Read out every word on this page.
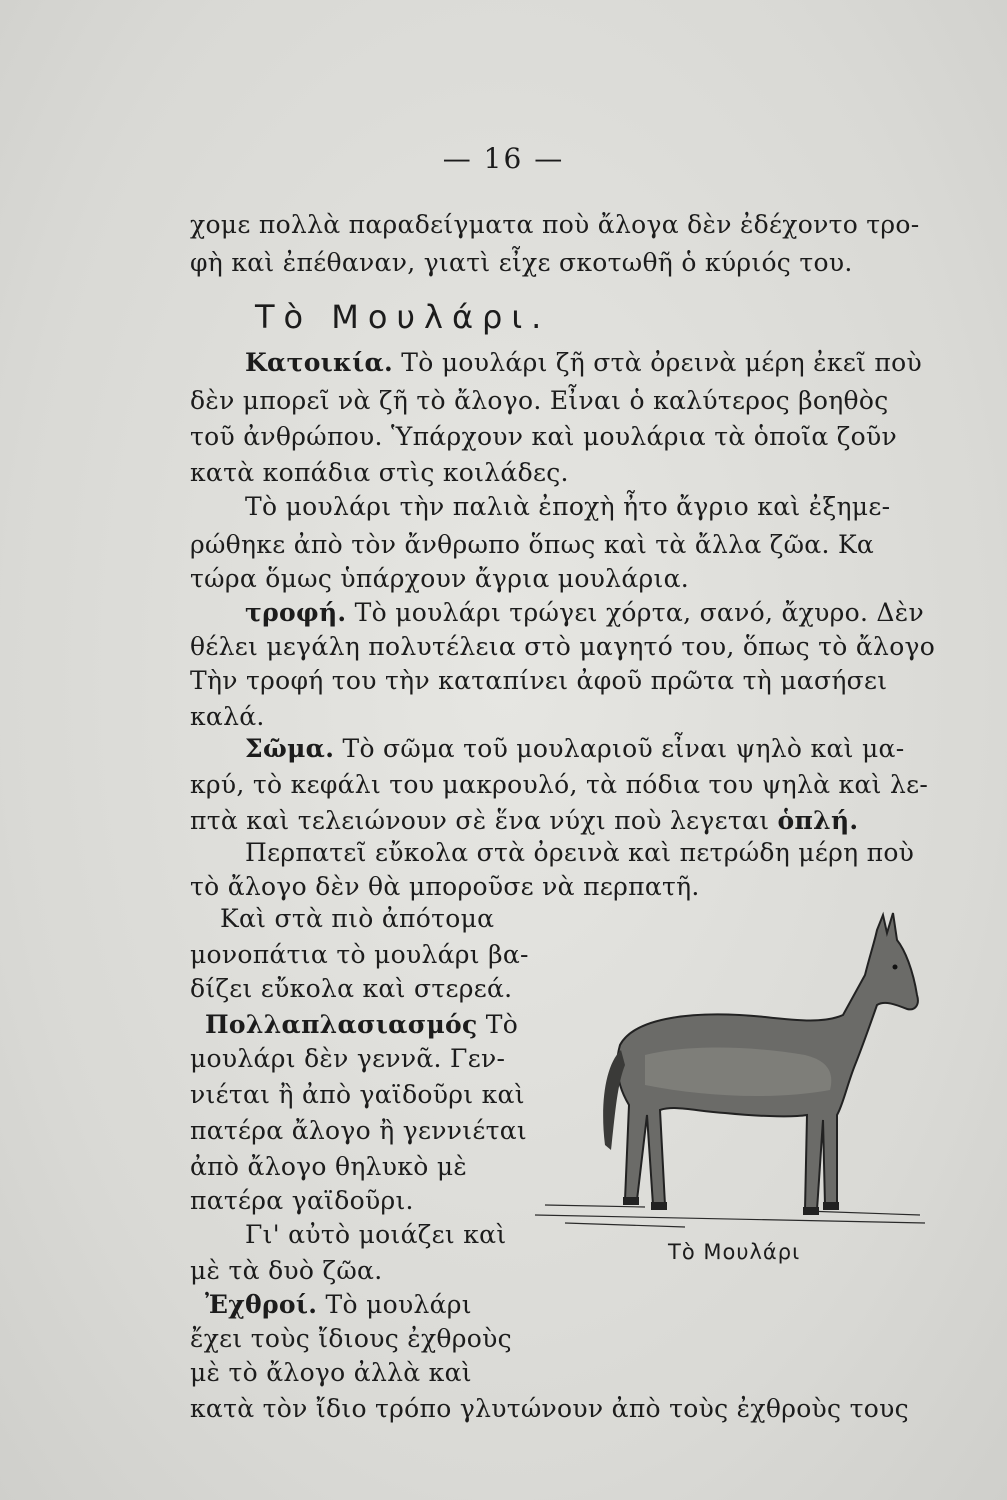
— 16 —
χομε πολλὰ παραδείγματα ποὺ ἄλογα δὲν ἐδέχοντο τρο-
φὴ καὶ ἐπέθαναν, γιατὶ εἶχε σκοτωθῆ ὁ κύριός του.
Τὸ Μουλάρι.
Κατοικία. Τὸ μουλάρι ζῆ στὰ ὀρεινὰ μέρη ἐκεῖ ποὺ
δὲν μπορεῖ νὰ ζῆ τὸ ἄλογο. Εἶναι ὁ καλύτερος βοηθὸς
τοῦ ἀνθρώπου. Ὑπάρχουν καὶ μουλάρια τὰ ὁποῖα ζοῦν
κατὰ κοπάδια στὶς κοιλάδες.
Τὸ μουλάρι τὴν παλιὰ ἐποχὴ ἦτο ἄγριο καὶ ἐξημε-
ρώθηκε ἀπὸ τὸν ἄνθρωπο ὅπως καὶ τὰ ἄλλα ζῶα. Κα
τώρα ὅμως ὑπάρχουν ἄγρια μουλάρια.
τροφή. Τὸ μουλάρι τρώγει χόρτα, σανό, ἄχυρο. Δὲν
θέλει μεγάλη πολυτέλεια στὸ μαγητό του, ὅπως τὸ ἄλογο
Τὴν τροφή του τὴν καταπίνει ἀφοῦ πρῶτα τὴ μασήσει
καλά.
Σῶμα. Τὸ σῶμα τοῦ μουλαριοῦ εἶναι ψηλὸ καὶ μα-
κρύ, τὸ κεφάλι του μακρουλό, τὰ πόδια του ψηλὰ καὶ λε-
πτὰ καὶ τελειώνουν σὲ ἕνα νύχι ποὺ λεγεται ὁπλή.
Περπατεῖ εὔκολα στὰ ὀρεινὰ καὶ πετρώδη μέρη ποὺ
τὸ ἄλογο δὲν θὰ μποροῦσε νὰ περπατῆ.
Καὶ στὰ πιὸ ἀπότομα
μονοπάτια τὸ μουλάρι βα-
δίζει εὔκολα καὶ στερεά.
Πολλαπλασιασμός Τὸ
μουλάρι δὲν γεννᾶ. Γεν-
νιέται ἢ ἀπὸ γαϊδοῦρι καὶ
πατέρα ἄλογο ἢ γεννιέται
ἀπὸ ἄλογο θηλυκὸ μὲ
πατέρα γαϊδοῦρι.
Γι' αὐτὸ μοιάζει καὶ
μὲ τὰ δυὸ ζῶα.
Ἐχθροί. Τὸ μουλάρι
ἔχει τοὺς ἴδιους ἐχθροὺς
μὲ τὸ ἄλογο ἀλλὰ καὶ
κατὰ τὸν ἴδιο τρόπο γλυτώνουν ἀπὸ τοὺς ἐχθροὺς τους
Τὸ Μουλάρι
